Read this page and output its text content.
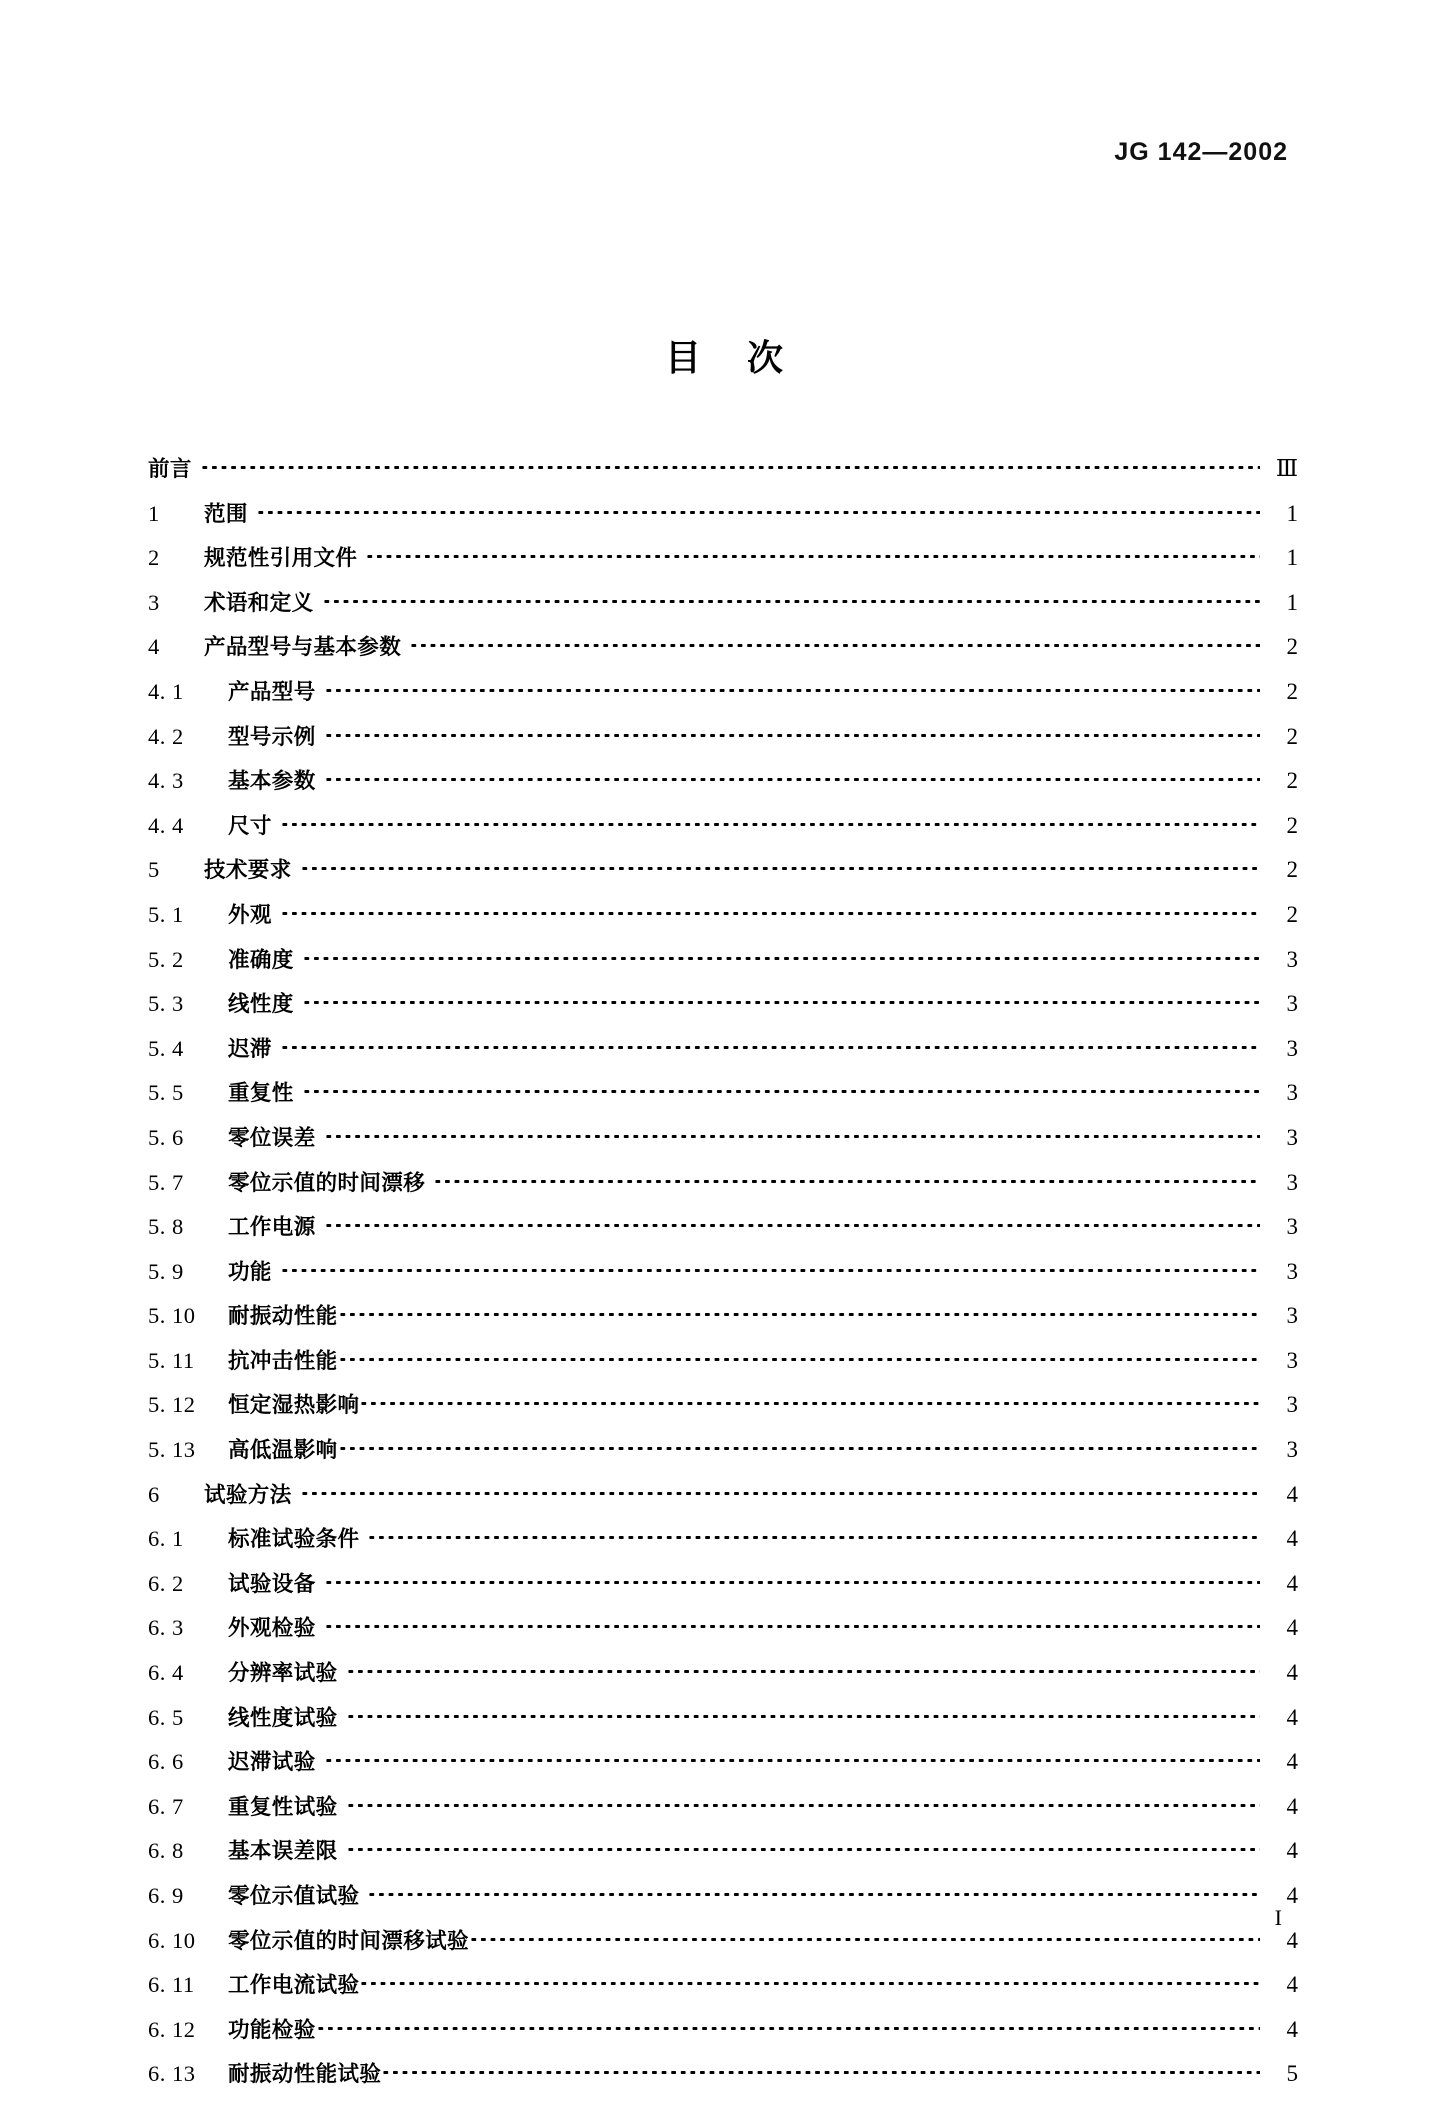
JG 142—2002
目 次
前言	Ⅲ
1	范围	1
2	规范性引用文件	1
3	术语和定义	1
4	产品型号与基本参数	2
4. 1	产品型号	2
4. 2	型号示例	2
4. 3	基本参数	2
4. 4	尺寸	2
5	技术要求	2
5. 1	外观	2
5. 2	准确度	3
5. 3	线性度	3
5. 4	迟滞	3
5. 5	重复性	3
5. 6	零位误差	3
5. 7	零位示值的时间漂移	3
5. 8	工作电源	3
5. 9	功能	3
5. 10	耐振动性能	3
5. 11	抗冲击性能	3
5. 12	恒定湿热影响	3
5. 13	高低温影响	3
6	试验方法	4
6. 1	标准试验条件	4
6. 2	试验设备	4
6. 3	外观检验	4
6. 4	分辨率试验	4
6. 5	线性度试验	4
6. 6	迟滞试验	4
6. 7	重复性试验	4
6. 8	基本误差限	4
6. 9	零位示值试验	4
6. 10	零位示值的时间漂移试验	4
6. 11	工作电流试验	4
6. 12	功能检验	4
6. 13	耐振动性能试验	5
I
